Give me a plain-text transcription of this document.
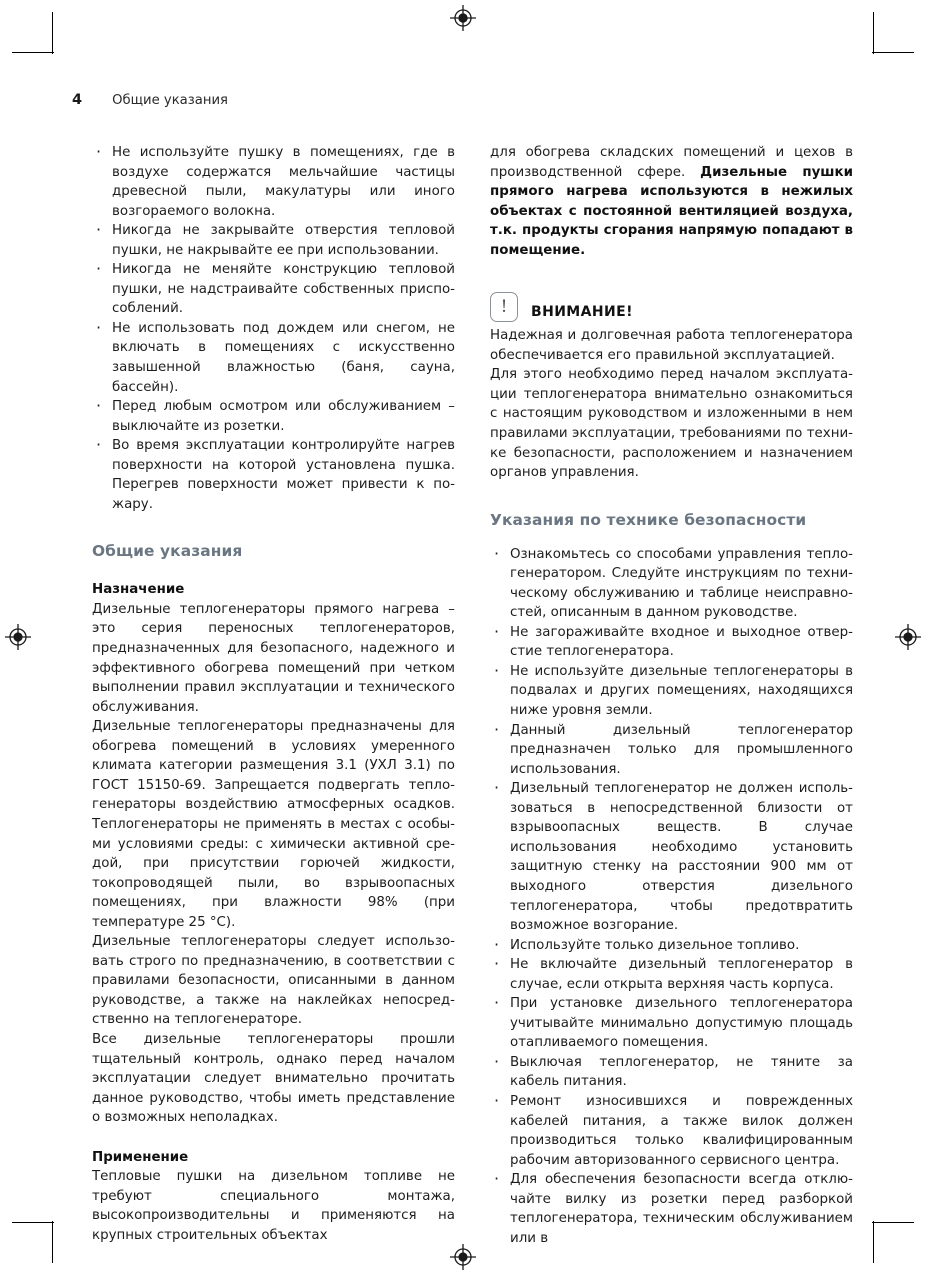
4 Общие указания
· Не используйте пушку в помещениях, где в воздухе содержатся мельчайшие частицы древесной пыли, макулатуры или иного возгораемого волокна.
· Никогда не закрывайте отверстия тепловой пушки, не накрывайте ее при использовании.
· Никогда не меняйте конструкцию тепловой пушки, не надстраивайте собственных приспособлений.
· Не использовать под дождем или снегом, не включать в помещениях с искусственно завышенной влажностью (баня, сауна, бассейн).
· Перед любым осмотром или обслуживанием – выключайте из розетки.
· Во время эксплуатации контролируйте нагрев поверхности на которой установлена пушка. Перегрев поверхности может привести к пожару.
Общие указания
Назначение

Дизельные теплогенераторы прямого нагрева – это серия переносных теплогенераторов, предназначенных для безопасного, надежного и эффективного обогрева помещений при четком выполнении правил эксплуатации и технического обслуживания.

Дизельные теплогенераторы предназначены для обогрева помещений в условиях умеренного климата категории размещения 3.1 (УХЛ 3.1) по ГОСТ 15150-69. Запрещается подвергать теплогенераторы воздействию атмосферных осадков. Теплогенераторы не применять в местах с особыми условиями среды: с химически активной средой, при присутствии горючей жидкости, токопроводящей пыли, во взрывоопасных помещениях, при влажности 98% (при температуре 25 °С).

Дизельные теплогенераторы следует использовать строго по предназначению, в соответствии с правилами безопасности, описанными в данном руководстве, а также на наклейках непосредственно на теплогенераторе.

Все дизельные теплогенераторы прошли тщательный контроль, однако перед началом эксплуатации следует внимательно прочитать данное руководство, чтобы иметь представление о возможных неполадках.

Применение

Тепловые пушки на дизельном топливе не требуют специального монтажа, высокопроизводительны и применяются на крупных строительных объектах

для обогрева складских помещений и цехов в производственной сфере. Дизельные пушки прямого нагрева используются в нежилых объектах с постоянной вентиляцией воздуха, т.к. продукты сгорания напрямую попадают в помещение.

! ВНИМАНИЕ!

Надежная и долговечная работа теплогенератора обеспечивается его правильной эксплуатацией.

Для этого необходимо перед началом эксплуатации теплогенератора внимательно ознакомиться с настоящим руководством и изложенными в нем правилами эксплуатации, требованиями по технике безопасности, расположением и назначением органов управления.

Указания по технике безопасности
· Ознакомьтесь со способами управления теплогенератором. Следуйте инструкциям по техническому обслуживанию и таблице неисправностей, описанным в данном руководстве.
· Не загораживайте входное и выходное отверстие теплогенератора.
· Не используйте дизельные теплогенераторы в подвалах и других помещениях, находящихся ниже уровня земли.
· Данный дизельный теплогенератор предназначен только для промышленного использования.
· Дизельный теплогенератор не должен использоваться в непосредственной близости от взрывоопасных веществ. В случае использования необходимо установить защитную стенку на расстоянии 900 мм от выходного отверстия дизельного теплогенератора, чтобы предотвратить возможное возгорание.
· Используйте только дизельное топливо.
· Не включайте дизельный теплогенератор в случае, если открыта верхняя часть корпуса.
· При установке дизельного теплогенератора учитывайте минимально допустимую площадь отапливаемого помещения.
· Выключая теплогенератор, не тяните за кабель питания.
· Ремонт износившихся и поврежденных кабелей питания, а также вилок должен производиться только квалифицированным рабочим авторизованного сервисного центра.
· Для обеспечения безопасности всегда отключайте вилку из розетки перед разборкой теплогенератора, техническим обслуживанием или в
